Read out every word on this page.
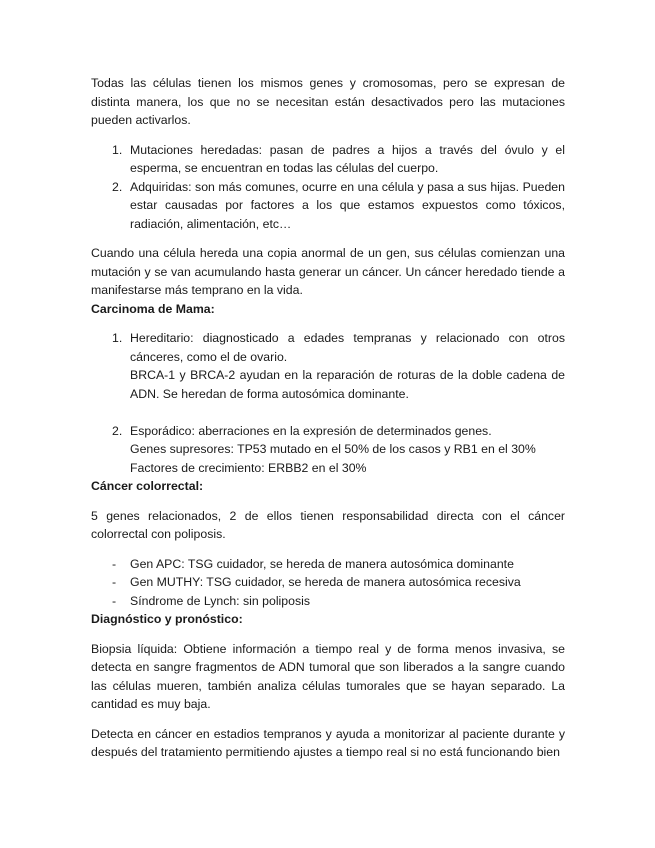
Todas las células tienen los mismos genes y cromosomas, pero se expresan de distinta manera, los que no se necesitan están desactivados pero las mutaciones pueden activarlos.

1. Mutaciones heredadas: pasan de padres a hijos a través del óvulo y el esperma, se encuentran en todas las células del cuerpo.
2. Adquiridas: son más comunes, ocurre en una célula y pasa a sus hijas. Pueden estar causadas por factores a los que estamos expuestos como tóxicos, radiación, alimentación, etc…

Cuando una célula hereda una copia anormal de un gen, sus células comienzan una mutación y se van acumulando hasta generar un cáncer. Un cáncer heredado tiende a manifestarse más temprano en la vida.

Carcinoma de Mama:

1. Hereditario: diagnosticado a edades tempranas y relacionado con otros cánceres, como el de ovario.
BRCA-1 y BRCA-2 ayudan en la reparación de roturas de la doble cadena de ADN. Se heredan de forma autosómica dominante.
2. Esporádico: aberraciones en la expresión de determinados genes.
Genes supresores: TP53 mutado en el 50% de los casos y RB1 en el 30%
Factores de crecimiento: ERBB2 en el 30%

Cáncer colorrectal:

5 genes relacionados, 2 de ellos tienen responsabilidad directa con el cáncer colorrectal con poliposis.

- Gen APC: TSG cuidador, se hereda de manera autosómica dominante
- Gen MUTHY: TSG cuidador, se hereda de manera autosómica recesiva
- Síndrome de Lynch: sin poliposis

Diagnóstico y pronóstico:

Biopsia líquida: Obtiene información a tiempo real y de forma menos invasiva, se detecta en sangre fragmentos de ADN tumoral que son liberados a la sangre cuando las células mueren, también analiza células tumorales que se hayan separado. La cantidad es muy baja.

Detecta en cáncer en estadios tempranos y ayuda a monitorizar al paciente durante y después del tratamiento permitiendo ajustes a tiempo real si no está funcionando bien
